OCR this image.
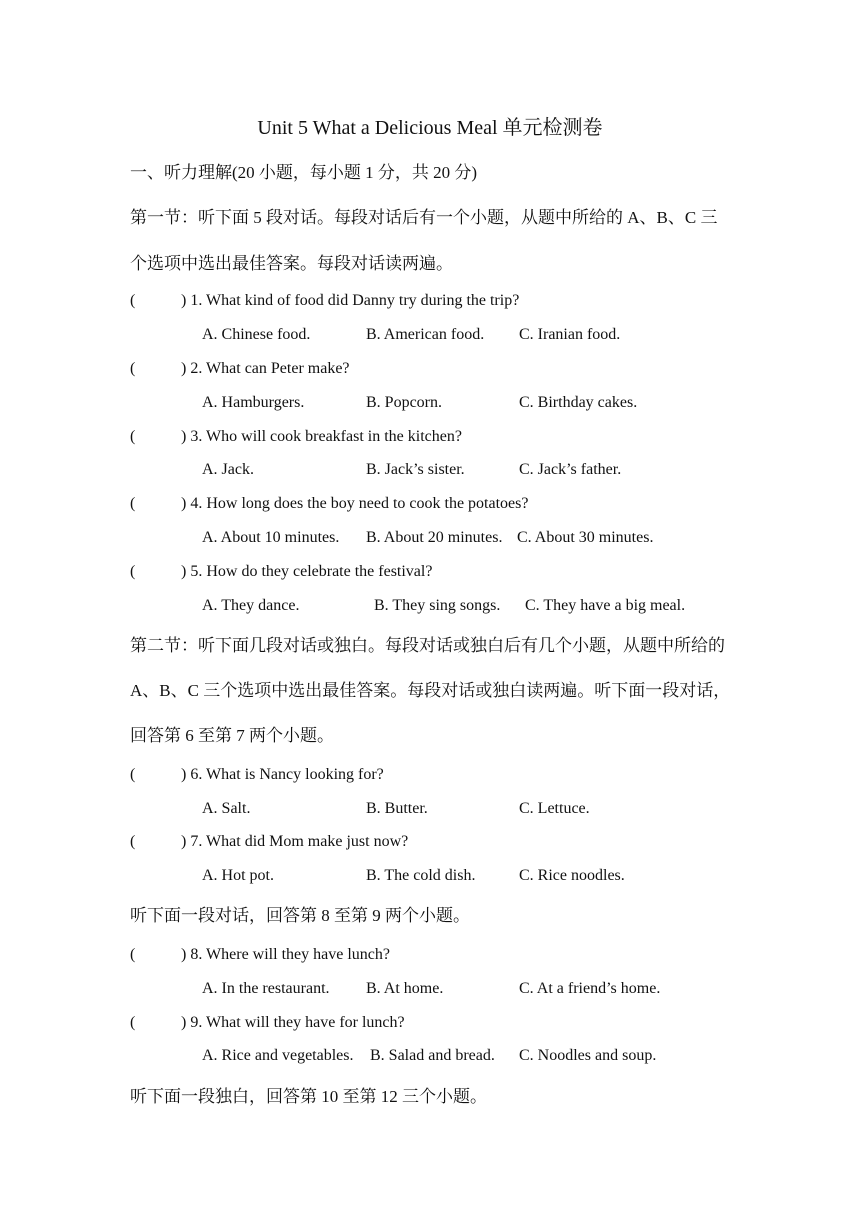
Unit 5 What a Delicious Meal 单元检测卷
一、听力理解(20 小题，每小题 1 分，共 20 分)
第一节：听下面 5 段对话。每段对话后有一个小题，从题中所给的 A、B、C 三
个选项中选出最佳答案。每段对话读两遍。
(	) 1. What kind of food did Danny try during the trip?
A. Chinese food.	B. American food. C. Iranian food.
(	) 2. What can Peter make?
A. Hamburgers.	B. Popcorn.	C. Birthday cakes.
(	) 3. Who will cook breakfast in the kitchen?
A. Jack.	B. Jack’s sister.	C. Jack’s father.
(	) 4. How long does the boy need to cook the potatoes?
A. About 10 minutes. B. About 20 minutes. C. About 30 minutes.
(	) 5. How do they celebrate the festival?
A. They dance.	B. They sing songs. C. They have a big meal.
第二节：听下面几段对话或独白。每段对话或独白后有几个小题，从题中所给的
A、B、C 三个选项中选出最佳答案。每段对话或独白读两遍。听下面一段对话，
回答第 6 至第 7 两个小题。
(	) 6. What is Nancy looking for?
A. Salt.	B. Butter.	C. Lettuce.
(	) 7. What did Mom make just now?
A. Hot pot.	B. The cold dish.	C. Rice noodles.
听下面一段对话，回答第 8 至第 9 两个小题。
(	) 8. Where will they have lunch?
A. In the restaurant. B. At home.	C. At a friend’s home.
(	) 9. What will they have for lunch?
A. Rice and vegetables. B. Salad and bread. C. Noodles and soup.
听下面一段独白，回答第 10 至第 12 三个小题。
